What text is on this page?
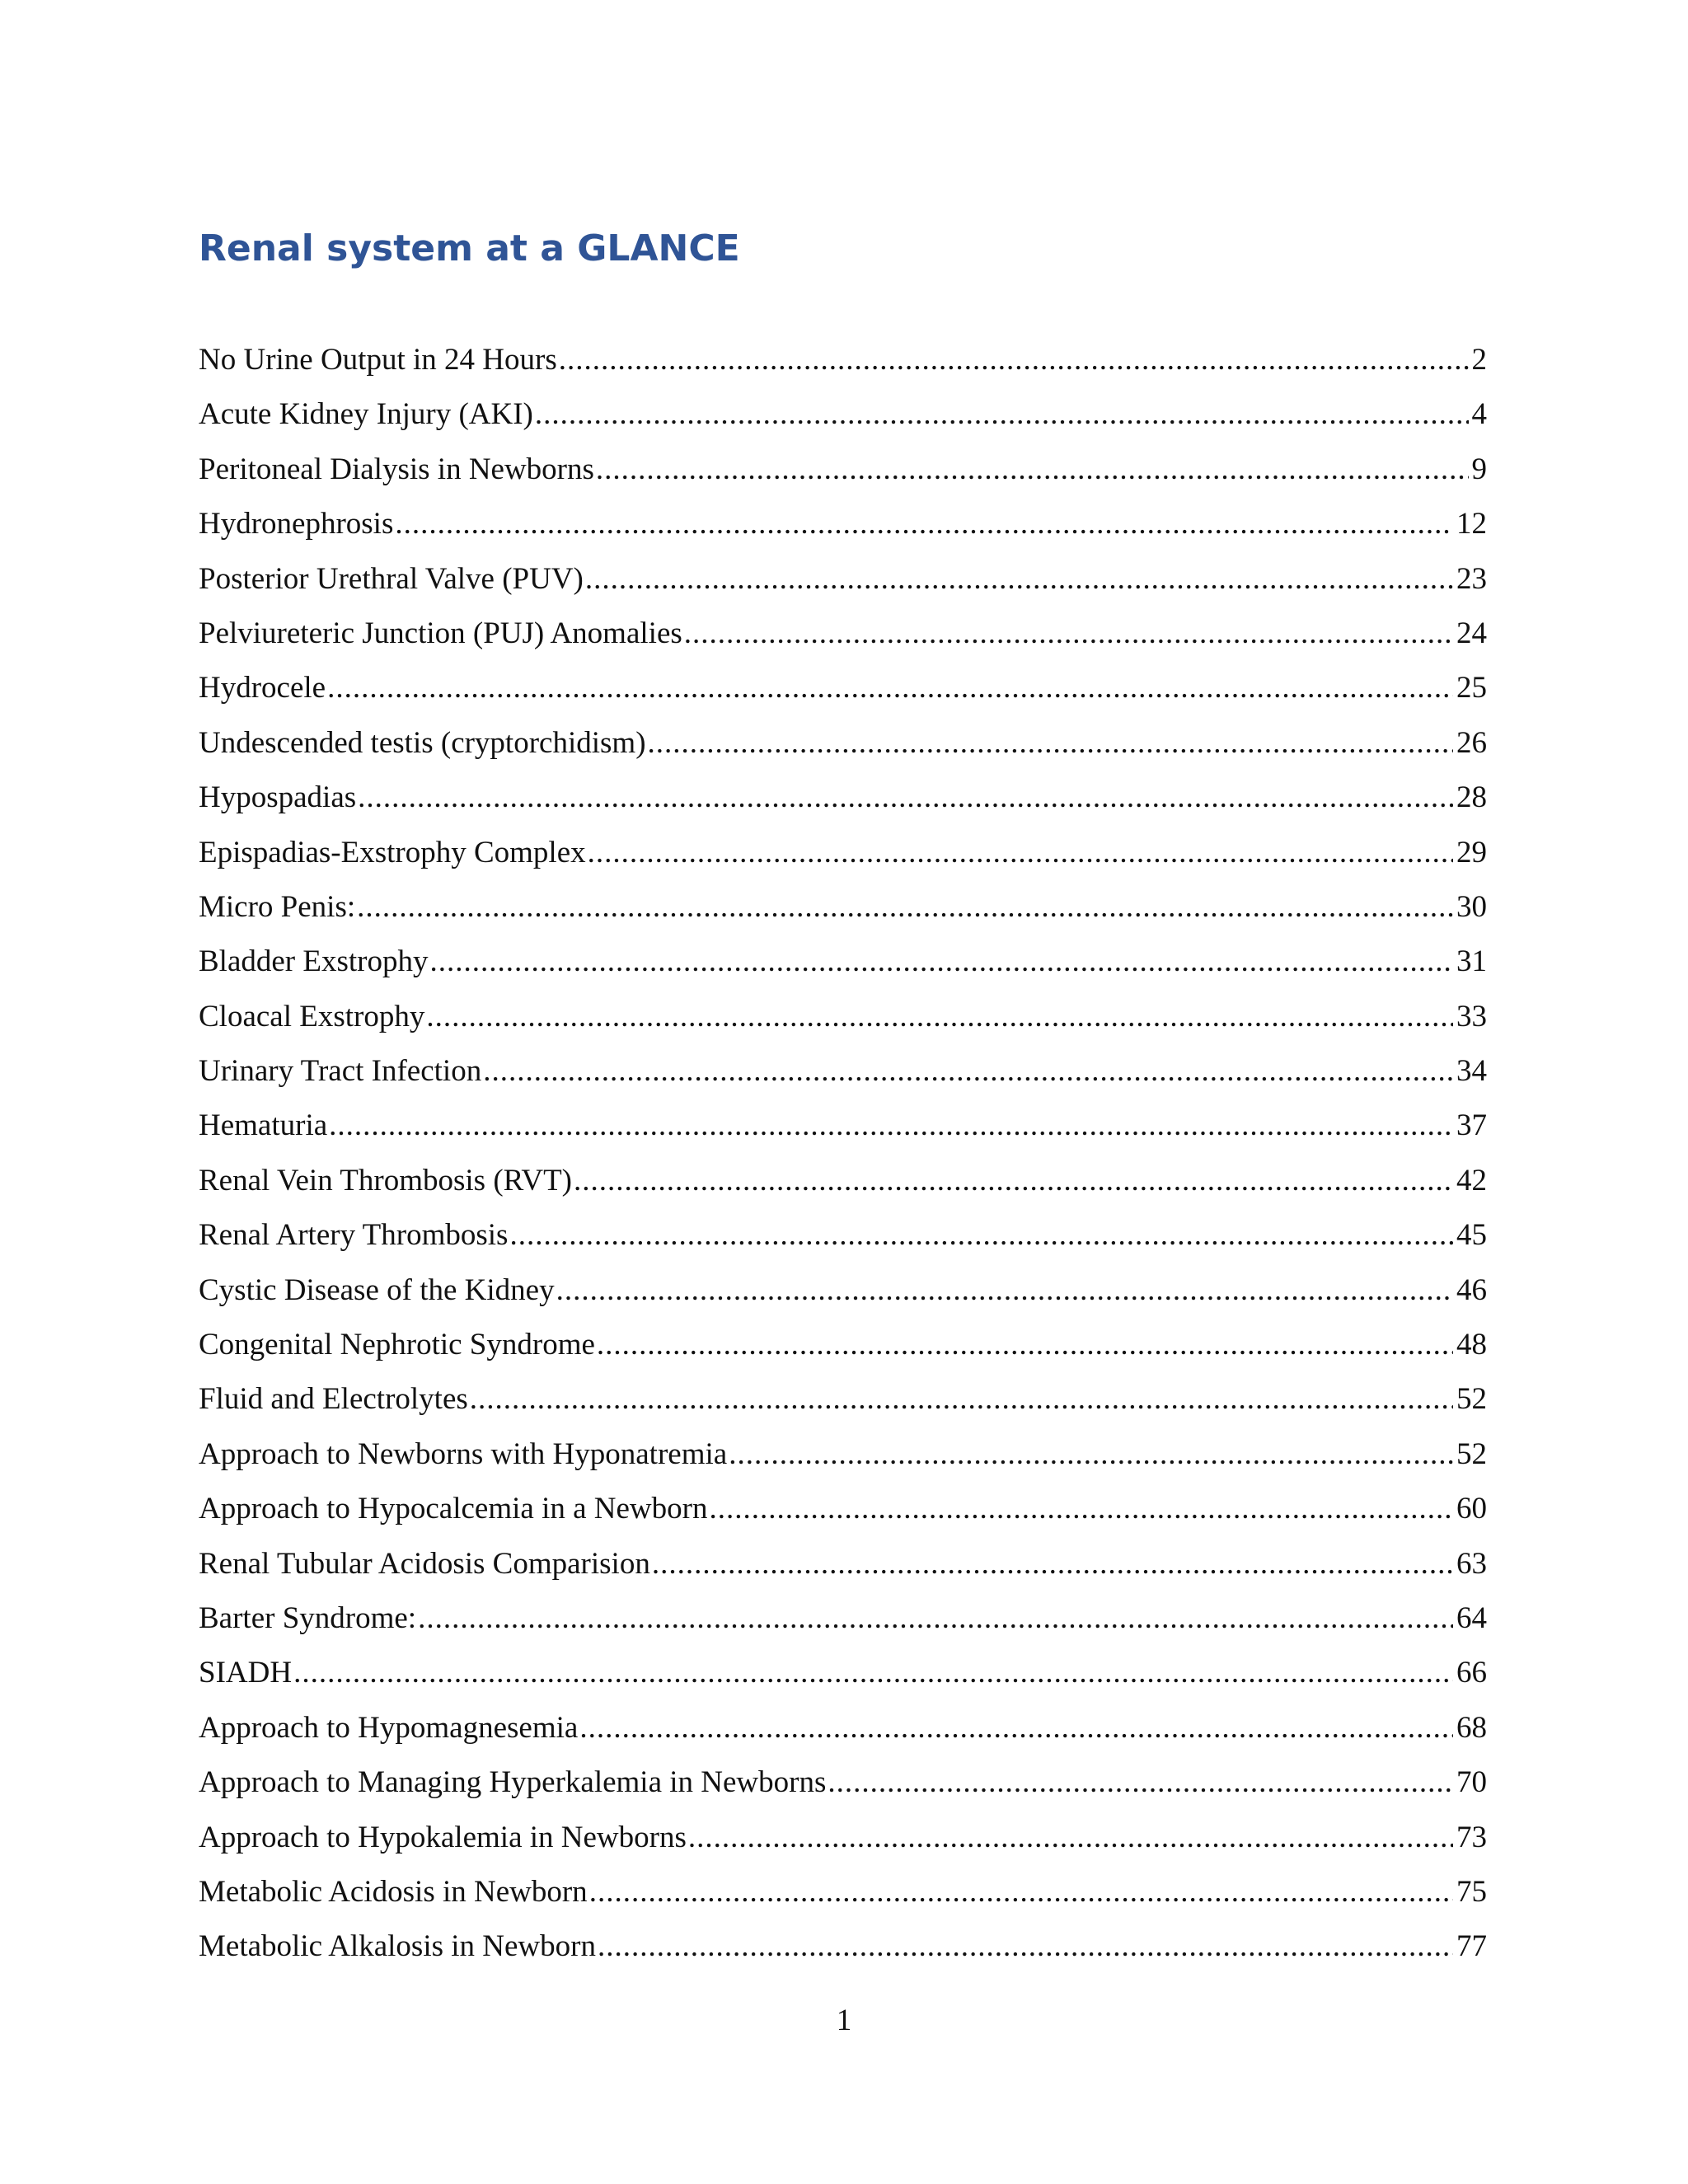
Renal system at a GLANCE
No Urine Output in 24 Hours .....	2
Acute Kidney Injury (AKI) .....	4
Peritoneal Dialysis in Newborns .....	9
Hydronephrosis .....	12
Posterior Urethral Valve (PUV) .....	23
Pelviureteric Junction (PUJ) Anomalies .....	24
Hydrocele .....	25
Undescended testis (cryptorchidism) .....	26
Hypospadias .....	28
Epispadias-Exstrophy Complex .....	29
Micro Penis: .....	30
Bladder Exstrophy .....	31
Cloacal Exstrophy .....	33
Urinary Tract Infection .....	34
Hematuria .....	37
Renal Vein Thrombosis (RVT) .....	42
Renal Artery Thrombosis .....	45
Cystic Disease of the Kidney .....	46
Congenital Nephrotic Syndrome .....	48
Fluid and Electrolytes .....	52
Approach to Newborns with Hyponatremia .....	52
Approach to Hypocalcemia in a Newborn .....	60
Renal Tubular Acidosis Comparision .....	63
Barter Syndrome: .....	64
SIADH .....	66
Approach to Hypomagnesemia .....	68
Approach to Managing Hyperkalemia in Newborns .....	70
Approach to Hypokalemia in Newborns .....	73
Metabolic Acidosis in Newborn .....	75
Metabolic Alkalosis in Newborn .....	77
1
